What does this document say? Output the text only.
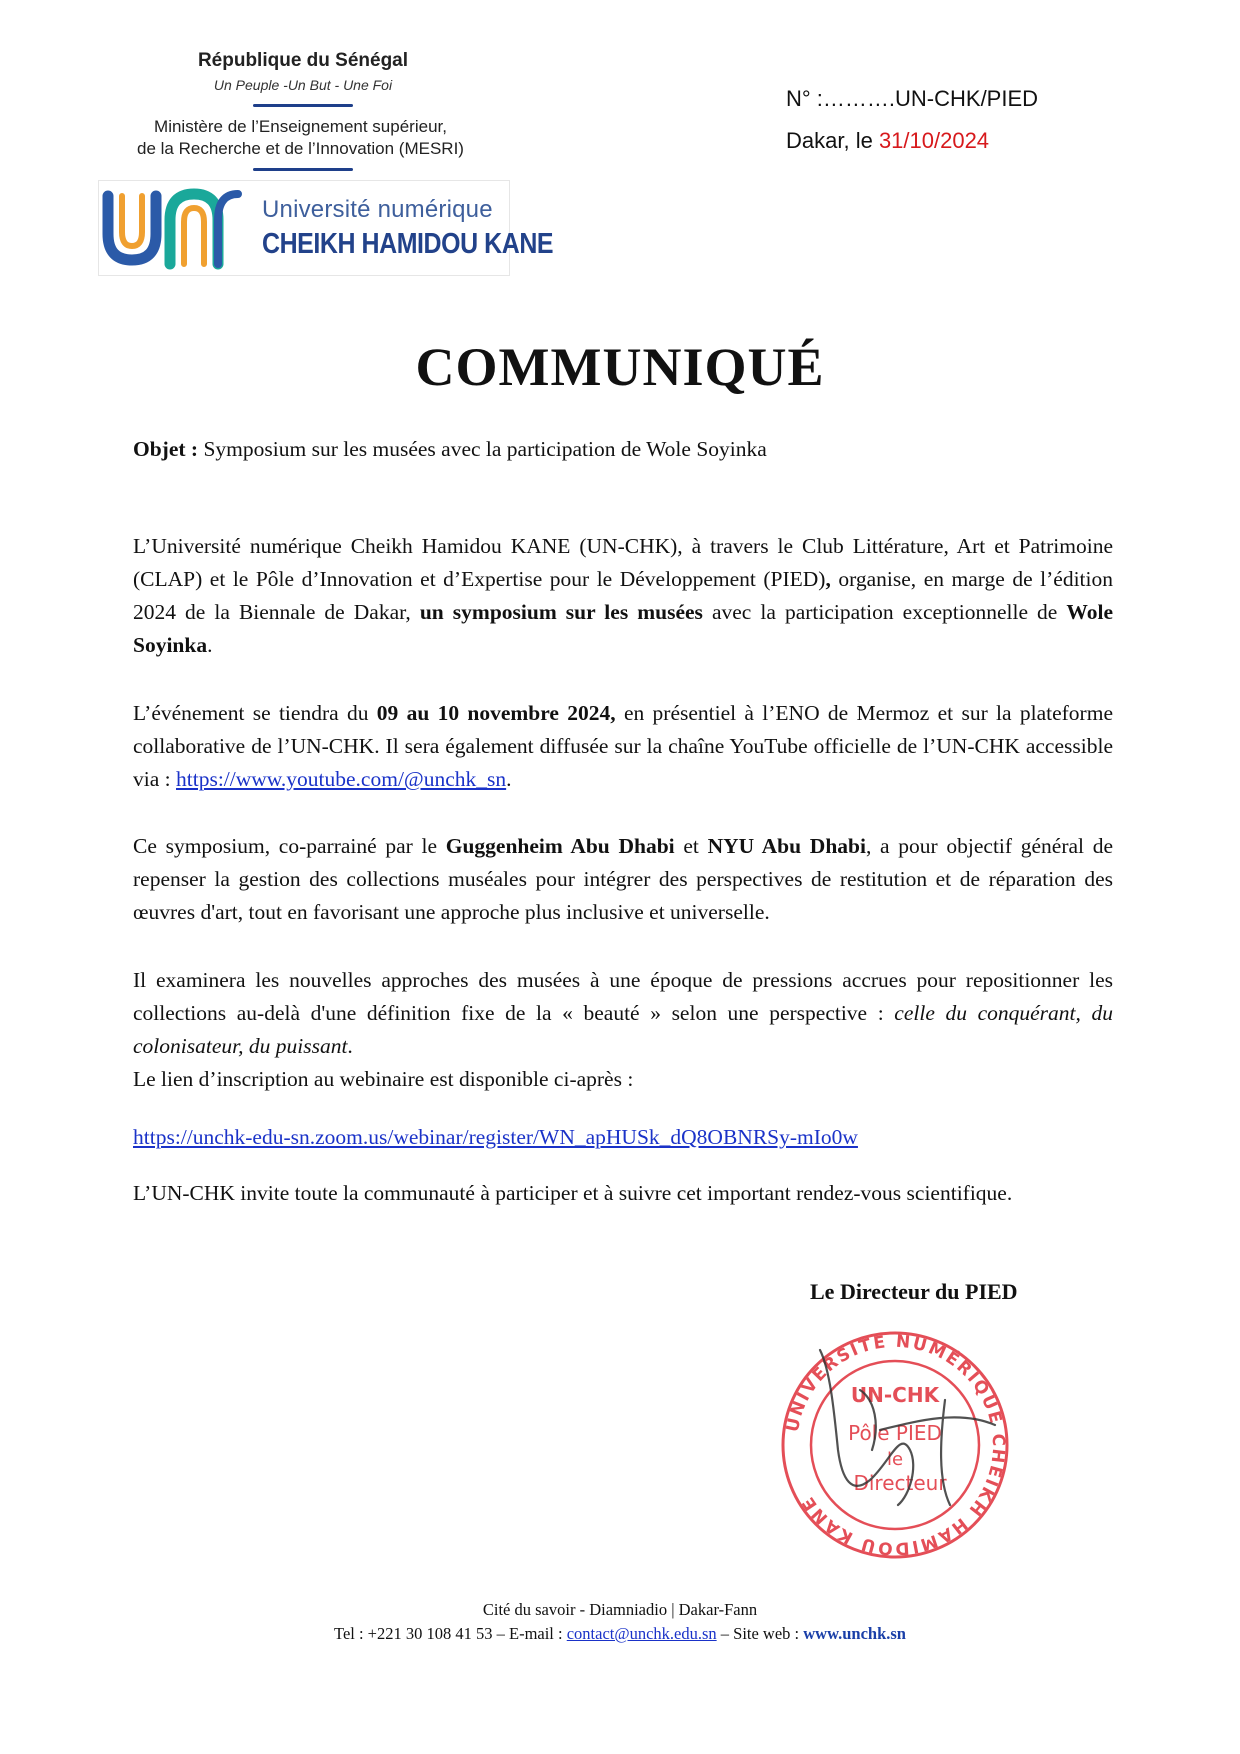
République du Sénégal
Un Peuple -Un But - Une Foi
Ministère de l’Enseignement supérieur,
de la Recherche et de l’Innovation (MESRI)
Université numérique
CHEIKH HAMIDOU KANE
N° :……….UN-CHK/PIED
Dakar, le 31/10/2024
COMMUNIQUÉ
Objet : Symposium sur les musées avec la participation de Wole Soyinka
L’Université numérique Cheikh Hamidou KANE (UN-CHK), à travers le Club Littérature, Art et Patrimoine (CLAP) et le Pôle d’Innovation et d’Expertise pour le Développement (PIED), organise, en marge de l’édition 2024 de la Biennale de Dakar, un symposium sur les musées avec la participation exceptionnelle de Wole Soyinka.
L’événement se tiendra du 09 au 10 novembre 2024, en présentiel à l’ENO de Mermoz et sur la plateforme collaborative de l’UN-CHK. Il sera également diffusée sur la chaîne YouTube officielle de l’UN-CHK accessible via : https://www.youtube.com/@unchk_sn.
Ce symposium, co-parrainé par le Guggenheim Abu Dhabi et NYU Abu Dhabi, a pour objectif général de repenser la gestion des collections muséales pour intégrer des perspectives de restitution et de réparation des œuvres d'art, tout en favorisant une approche plus inclusive et universelle.
Il examinera les nouvelles approches des musées à une époque de pressions accrues pour repositionner les collections au-delà d'une définition fixe de la « beauté » selon une perspective : celle du conquérant, du colonisateur, du puissant.
Le lien d’inscription au webinaire est disponible ci-après :
https://unchk-edu-sn.zoom.us/webinar/register/WN_apHUSk_dQ8OBNRSy-mIo0w
L’UN-CHK invite toute la communauté à participer et à suivre cet important rendez-vous scientifique.
Le Directeur du PIED
UNIVERSITE NUMÉRIQUE CHEIKH HAMIDOU KANE
UN-CHK
Pôle PIED
le
Directeur
Cité du savoir - Diamniadio | Dakar-Fann
Tel : +221 30 108 41 53 – E-mail : contact@unchk.edu.sn – Site web : www.unchk.sn
